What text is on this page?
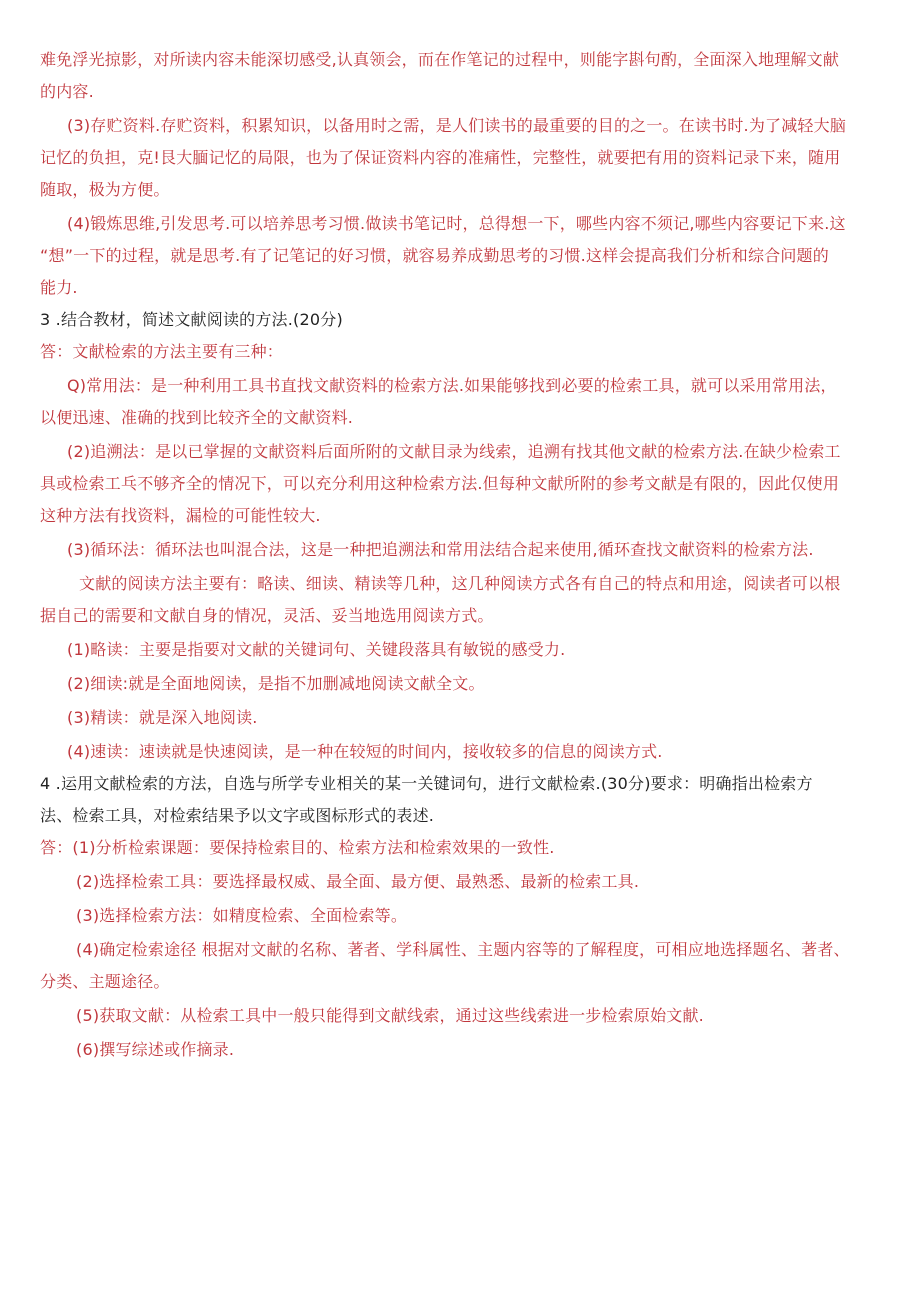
难免浮光掠影，对所读内容未能深切感受,认真领会，而在作笔记的过程中，则能字斟句酌，全面深入地理解文献
的内容.
(3)存贮资料.存贮资料，积累知识，以备用时之需，是人们读书的最重要的目的之一。在读书时.为了减轻大脑
记忆的负担，克!艮大腼记忆的局限，也为了保证资料内容的准痛性，完整性，就要把有用的资料记录下来，随用
随取，极为方便。
(4)锻炼思维,引发思考.可以培养思考习惯.做读书笔记时，总得想一下，哪些内容不须记,哪些内容要记下来.这
“想”一下的过程，就是思考.有了记笔记的好习惯，就容易养成勤思考的习惯.这样会提高我们分析和综合问题的
能力.
3 .结合教材，简述文献阅读的方法.(20分)
答：文献检索的方法主要有三种：
Q)常用法：是一种利用工具书直找文献资料的检索方法.如果能够找到必要的检索工具，就可以采用常用法，
以便迅速、准确的找到比较齐全的文献资料.
(2)追溯法：是以已掌握的文献资料后面所附的文献目录为线索，追溯有找其他文献的检索方法.在缺少检索工
具或检索工乓不够齐全的情况下，可以充分利用这种检索方法.但每种文献所附的参考文献是有限的，因此仅使用
这种方法有找资料，漏检的可能性较大.
(3)循环法：循环法也叫混合法，这是一种把追溯法和常用法结合起来使用,循环查找文献资料的检索方法.
文献的阅读方法主要有：略读、细读、精读等几种，这几种阅读方式各有自己的特点和用途，阅读者可以根
据自己的需要和文献自身的情况，灵活、妥当地选用阅读方式。
(1)略读：主要是指要对文献的关键词句、关键段落具有敏锐的感受力.
(2)细读:就是全面地阅读，是指不加删减地阅读文献全文。
(3)精读：就是深入地阅读.
(4)速读：速读就是快速阅读，是一种在较短的时间内，接收较多的信息的阅读方式.
4 .运用文献检索的方法，自选与所学专业相关的某一关键词句，进行文献检索.(30分)要求：明确指出检索方
法、检索工具，对检索结果予以文字或图标形式的表述.
答：(1)分析检索课题：要保持检索目的、检索方法和检索效果的一致性.
(2)选择检索工具：要选择最权威、最全面、最方便、最熟悉、最新的检索工具.
(3)选择检索方法：如精度检索、全面检索等。
(4)确定检索途径 根据对文献的名称、著者、学科属性、主题内容等的了解程度，可相应地选择题名、著者、
分类、主题途径。
(5)获取文献：从检索工具中一般只能得到文献线索，通过这些线索进一步检索原始文献.
(6)撰写综述或作摘录.
